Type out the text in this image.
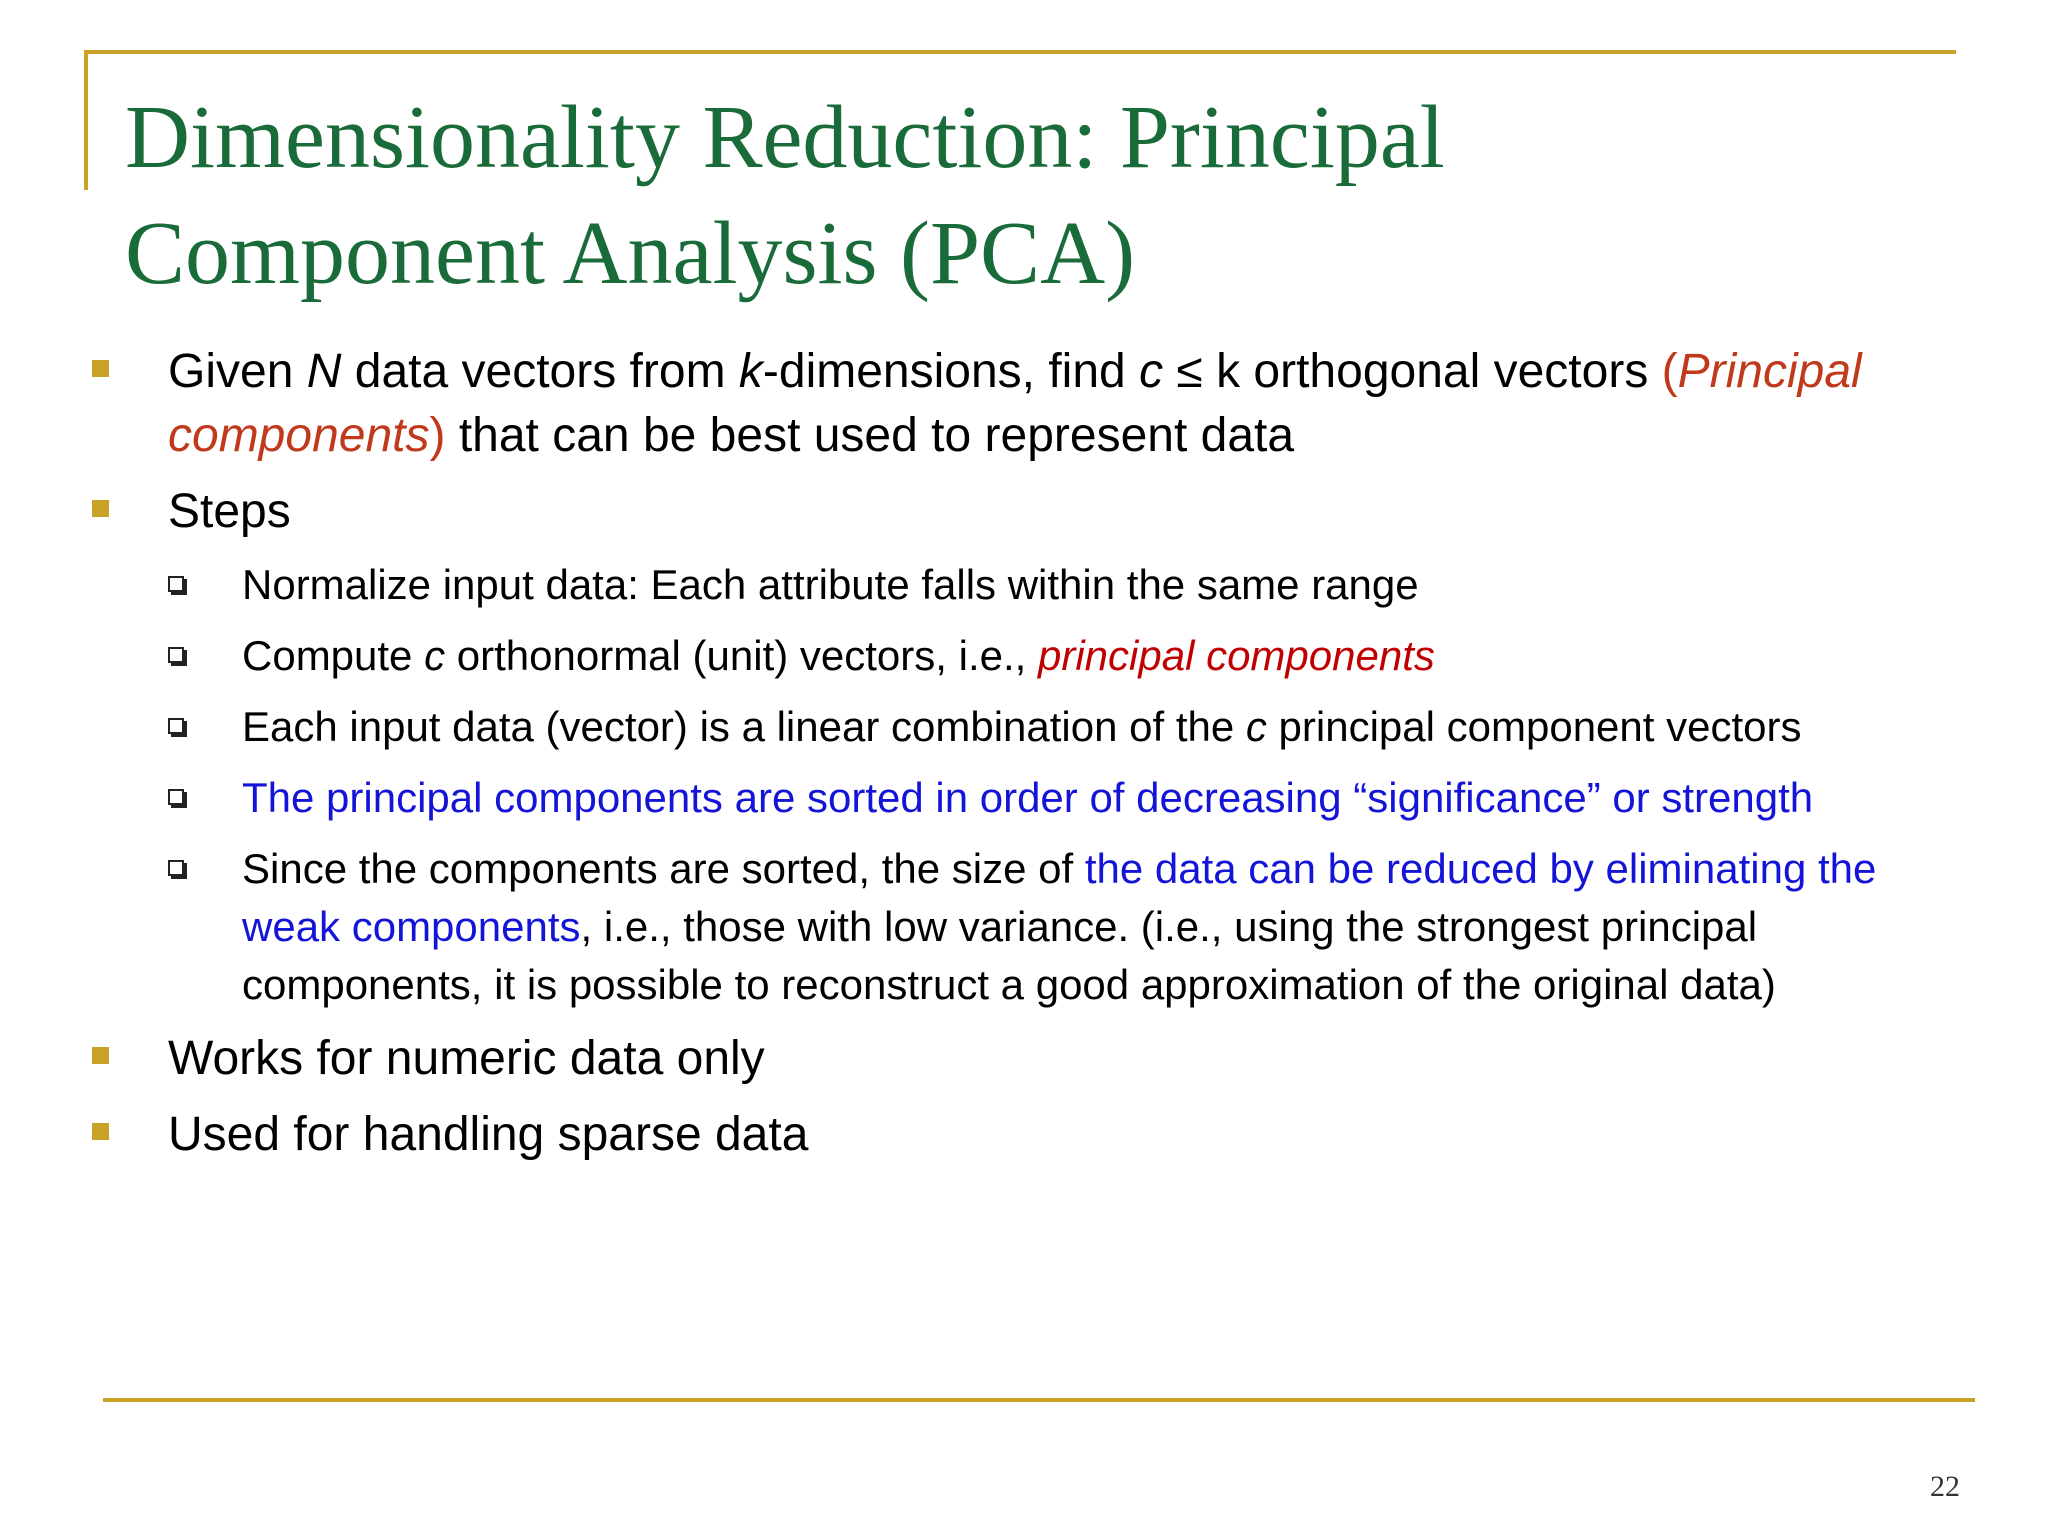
Dimensionality Reduction: Principal Component Analysis (PCA)
Given N data vectors from k-dimensions, find c ≤ k orthogonal vectors (Principal components) that can be best used to represent data
Steps
Normalize input data: Each attribute falls within the same range
Compute c orthonormal (unit) vectors, i.e., principal components
Each input data (vector) is a linear combination of the c principal component vectors
The principal components are sorted in order of decreasing “significance” or strength
Since the components are sorted, the size of the data can be reduced by eliminating the weak components, i.e., those with low variance. (i.e., using the strongest principal components, it is possible to reconstruct a good approximation of the original data)
Works for numeric data only
Used for handling sparse data
22
